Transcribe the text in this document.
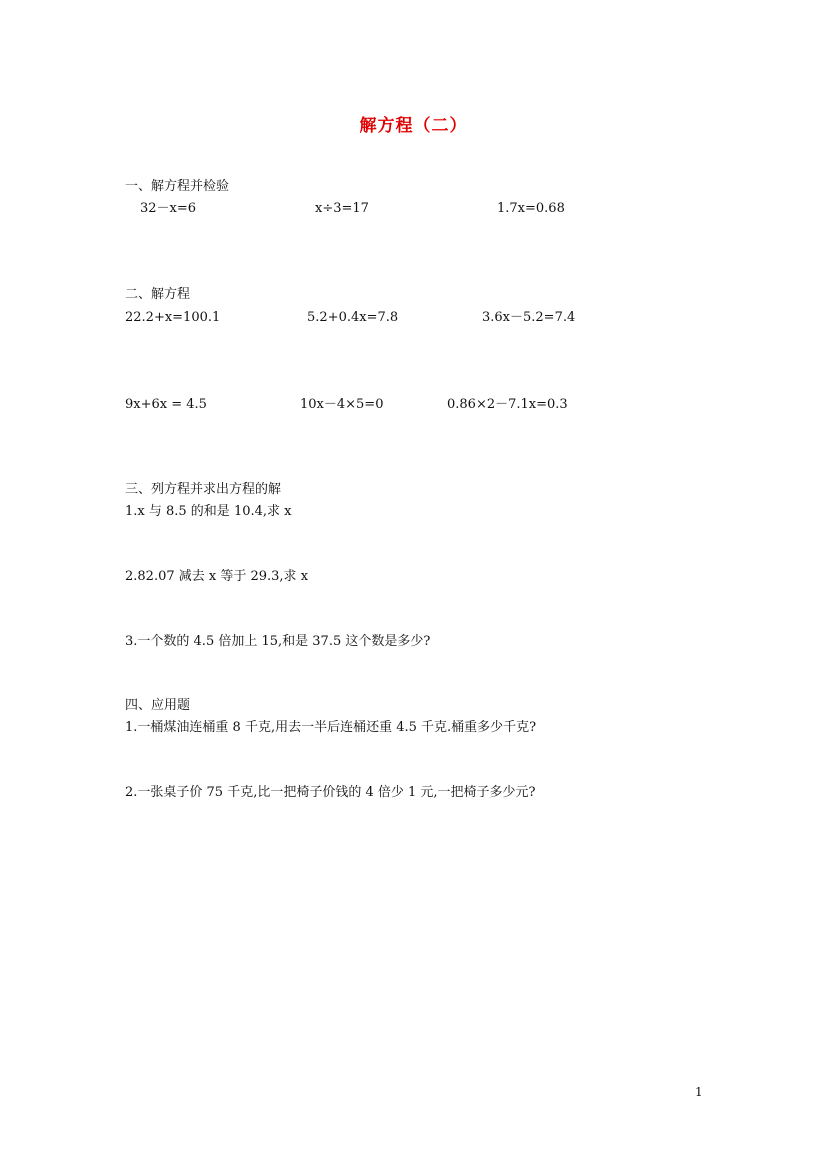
解方程（二）
一、解方程并检验
32－x=6	x÷3=17	1.7x=0.68
二、解方程
22.2+x=100.1	5.2+0.4x=7.8	3.6x－5.2=7.4
9x+6x = 4.5	10x－4×5=0	0.86×2－7.1x=0.3
三、列方程并求出方程的解
1.x 与 8.5 的和是 10.4,求 x
2.82.07 减去 x 等于 29.3,求 x
3.一个数的 4.5 倍加上 15,和是 37.5 这个数是多少?
四、应用题
1.一桶煤油连桶重 8 千克,用去一半后连桶还重 4.5 千克.桶重多少千克?
2.一张桌子价 75 千克,比一把椅子价钱的 4 倍少 1 元,一把椅子多少元?
1
